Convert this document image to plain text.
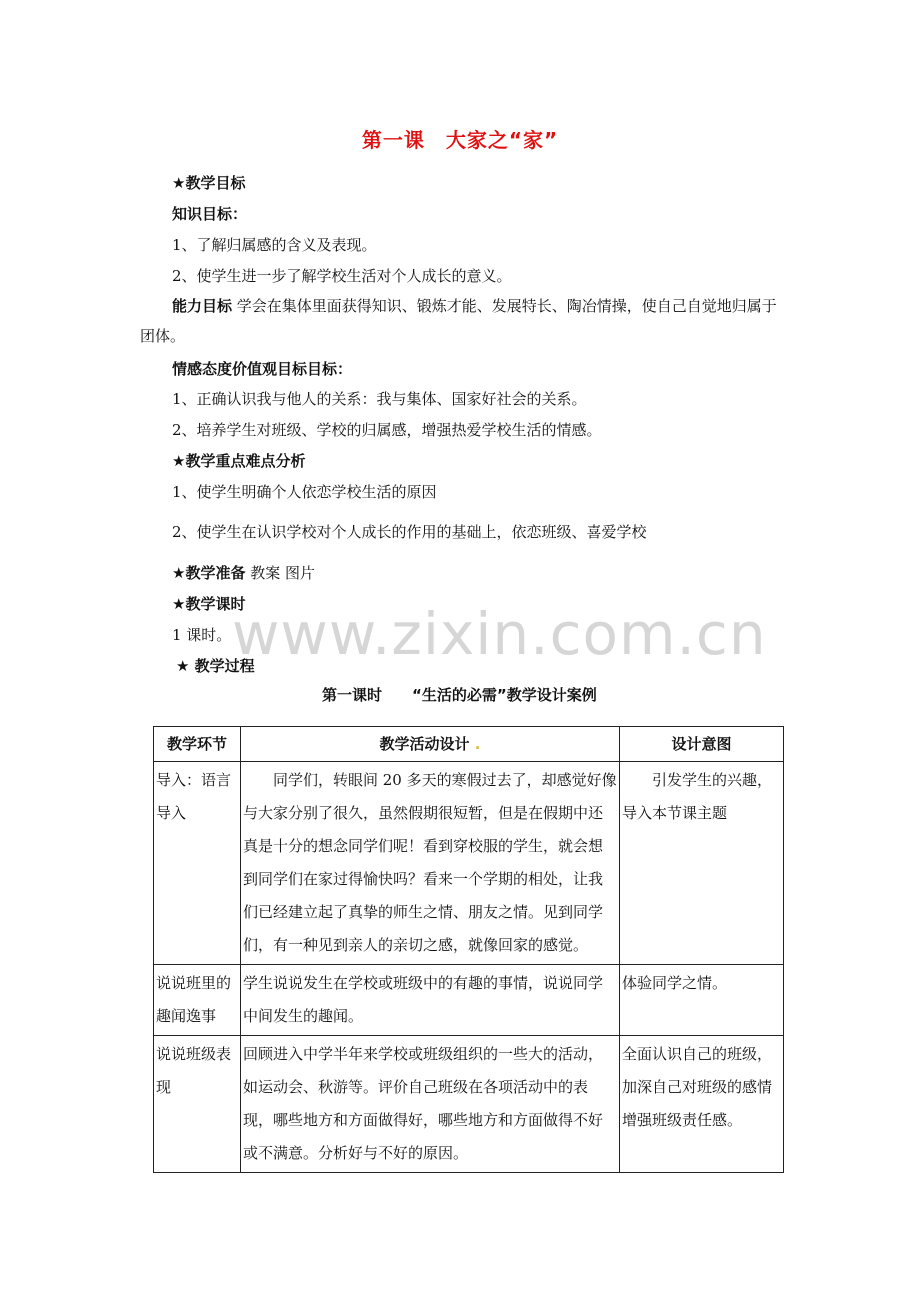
第一课　大家之“家”
★教学目标
知识目标：
1、了解归属感的含义及表现。
2、使学生进一步了解学校生活对个人成长的意义。
能力目标 学会在集体里面获得知识、锻炼才能、发展特长、陶冶情操，使自己自觉地归属于团体。
情感态度价值观目标目标：
1、正确认识我与他人的关系：我与集体、国家好社会的关系。
2、培养学生对班级、学校的归属感，增强热爱学校生活的情感。
★教学重点难点分析
1、使学生明确个人依恋学校生活的原因
2、使学生在认识学校对个人成长的作用的基础上，依恋班级、喜爱学校
★教学准备 教案 图片
★教学课时
1 课时。 www.zixin.com.cn
★ 教学过程
第一课时　　“生活的必需”教学设计案例
教学环节	教学活动设计 .	设计意图
导入：语言导入	同学们，转眼间 20 多天的寒假过去了，却感觉好像与大家分别了很久，虽然假期很短暂，但是在假期中还真是十分的想念同学们呢！看到穿校服的学生，就会想到同学们在家过得愉快吗？看来一个学期的相处，让我们已经建立起了真挚的师生之情、朋友之情。见到同学们，有一种见到亲人的亲切之感，就像回家的感觉。	引发学生的兴趣，导入本节课主题
说说班里的趣闻逸事	学生说说发生在学校或班级中的有趣的事情，说说同学中间发生的趣闻。	体验同学之情。
说说班级表现	回顾进入中学半年来学校或班级组织的一些大的活动，如运动会、秋游等。评价自己班级在各项活动中的表现，哪些地方和方面做得好，哪些地方和方面做得不好或不满意。分析好与不好的原因。	全面认识自己的班级，加深自己对班级的感情增强班级责任感。
